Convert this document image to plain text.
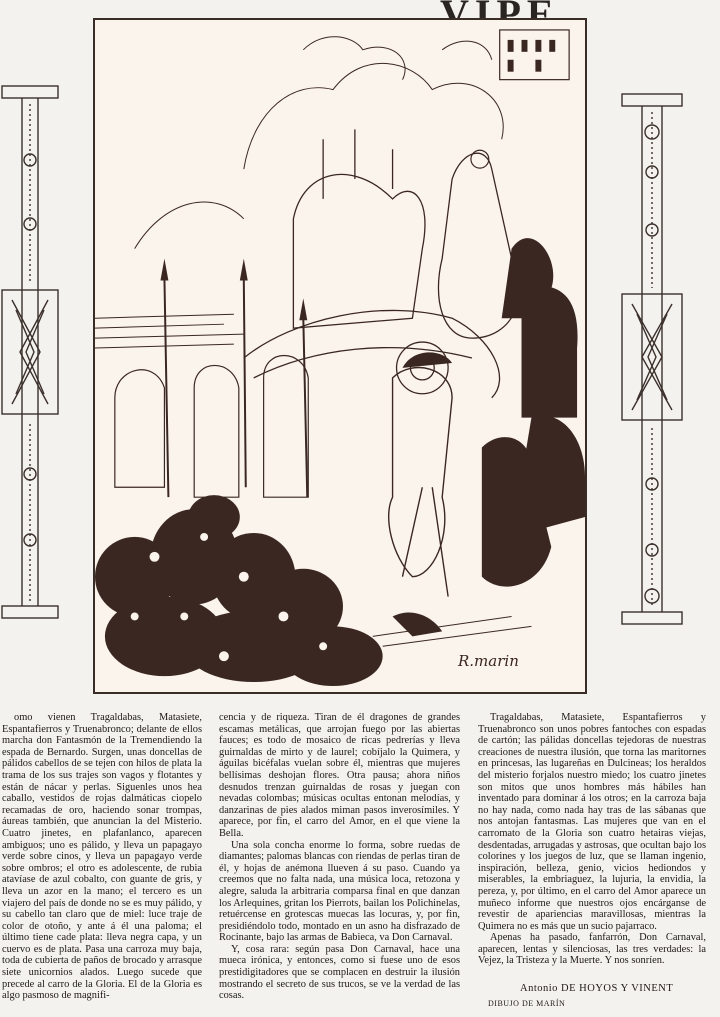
R.marin

omo vienen Tragaldabas, Matasiete, Espantafierros y Truenabronco; delante de ellos marcha don Fantasmón de la Tremendiendo la espada de Bernardo. Surgen, unas doncellas de pálidos cabellos de se tejen con hilos de plata la trama de los sus trajes son vagos y flotantes y están de nácar y perlas. Siguenles unos hea caballo, vestidos de rojas dalmáticas ciopelo recamadas de oro, haciendo sonar trompas, áureas también, que anuncian la del Misterio. Cuatro jinetes, en plafanlanco, aparecen ambiguos; uno es pálido, y lleva un papagayo verde sobre cinos, y lleva un papagayo verde sobre ombros; el otro es adolescente, de rubia atavíase de azul cobalto, con guante de gris, y lleva un azor en la mano; el tercero es un viajero del país de donde no se es muy pálido, y su cabello tan claro que de miel: luce traje de color de otoño, y ante á él una paloma; el último tiene cade plata: lleva negra capa, y un cuervo es de plata. Pasa una carroza muy baja, toda de cubierta de paños de brocado y arrasque siete unicornios alados. Luego sucede que precede al carro de la Gloria. El de la Gloria es algo pasmoso de magnifi-

cencia y de riqueza. Tiran de él dragones de grandes escamas metálicas, que arrojan fuego por las abiertas fauces; es todo de mosaico de ricas pedrerías y lleva guirnaldas de mirto y de laurel; cobíjalo la Quimera, y águilas bicéfalas vuelan sobre él, mientras que mujeres bellísimas deshojan flores. Otra pausa; ahora niños desnudos trenzan guirnaldas de rosas y juegan con nevadas colombas; músicas ocultas entonan melodías, y danzarinas de pies alados miman pasos inverosímiles. Y aparece, por fin, el carro del Amor, en el que viene la Bella.

Una sola concha enorme lo forma, sobre ruedas de diamantes; palomas blancas con riendas de perlas tiran de él, y hojas de anémona llueven á su paso. Cuando ya creemos que no falta nada, una música loca, retozona y alegre, saluda la arbitraria comparsa final en que danzan los Arlequines, gritan los Pierrots, bailan los Polichinelas, retuércense en grotescas muecas las locuras, y, por fin, presidiéndolo todo, montado en un asno ha disfrazado de Rocinante, bajo las armas de Babieca, va Don Carnaval.

Y, cosa rara: según pasa Don Carnaval, hace una mueca irónica, y entonces, como si fuese uno de esos prestidigitadores que se complacen en destruir la ilusión mostrando el secreto de sus trucos, se ve la verdad de las cosas.

Tragaldabas, Matasiete, Espantafierros y Truenabronco son unos pobres fantoches con espadas de cartón; las pálidas doncellas tejedoras de nuestras creaciones de nuestra ilusión, que torna las maritornes en princesas, las lugareñas en Dulcineas; los heraldos del misterio forjalos nuestro miedo; los cuatro jinetes son mitos que unos hombres más hábiles han inventado para dominar á los otros; en la carroza baja no hay nada, como nada hay tras de las sábanas que nos antojan fantasmas. Las mujeres que van en el carromato de la Gloria son cuatro hetairas viejas, desdentadas, arrugadas y astrosas, que ocultan bajo los colorines y los juegos de luz, que se llaman ingenio, inspiración, belleza, genio, vicios hediondos y miserables, la embriaguez, la lujuria, la envidia, la pereza, y, por último, en el carro del Amor aparece un muñeco informe que nuestros ojos encárganse de revestir de apariencias maravillosas, mientras la Quimera no es más que un sucio pajarraco.

Apenas ha pasado, fanfarrón, Don Carnaval, aparecen, lentas y silenciosas, las tres verdades: la Vejez, la Tristeza y la Muerte. Y nos sonríen.

Antonio DE HOYOS Y VINENT
DIBUJO DE MARÍN
